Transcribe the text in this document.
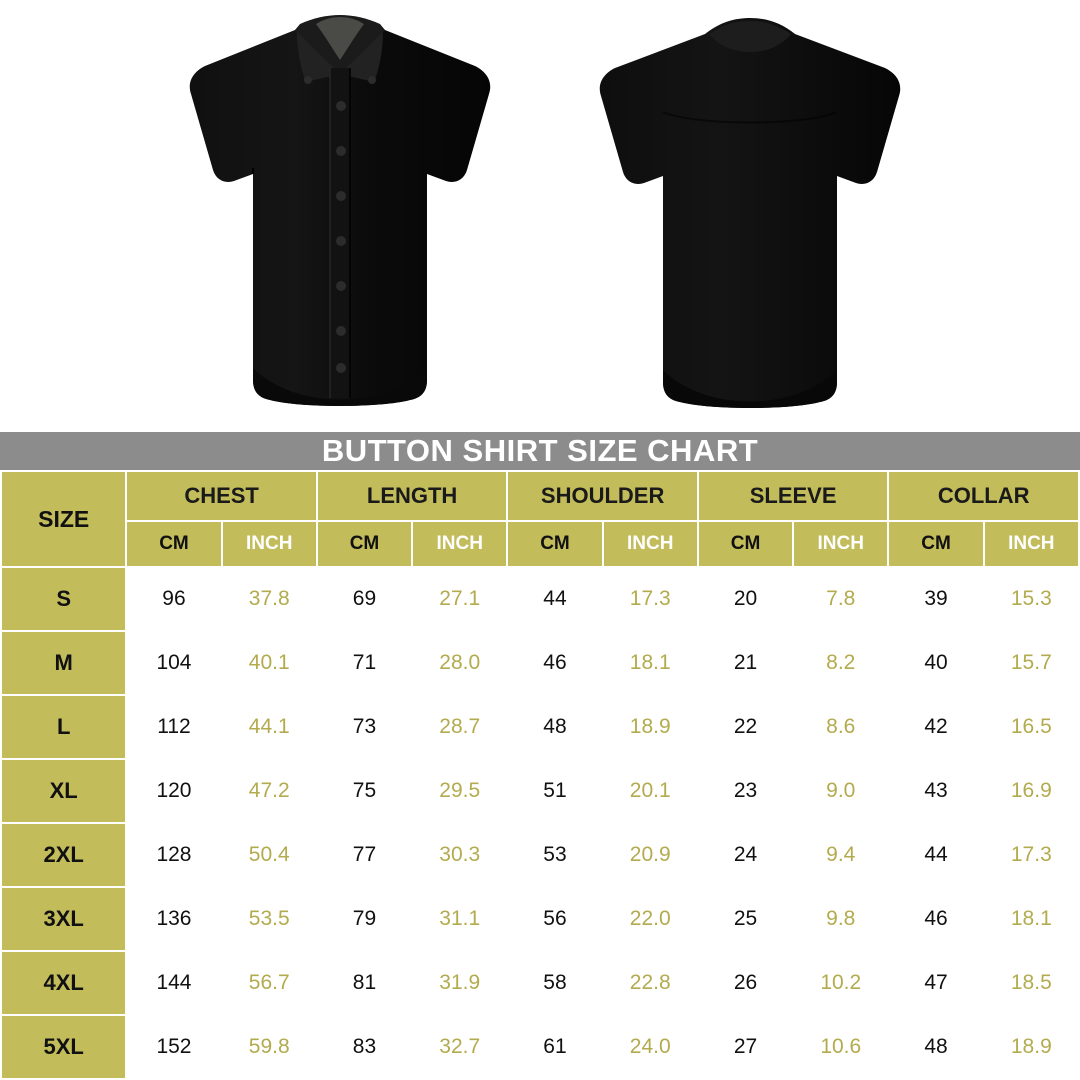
BUTTON SHIRT SIZE CHART
SIZE	CHEST		LENGTH		SHOULDER		SLEEVE		COLLAR	
	CM	INCH	CM	INCH	CM	INCH	CM	INCH	CM	INCH
S	96	37.8	69	27.1	44	17.3	20	7.8	39	15.3
M	104	40.1	71	28.0	46	18.1	21	8.2	40	15.7
L	112	44.1	73	28.7	48	18.9	22	8.6	42	16.5
XL	120	47.2	75	29.5	51	20.1	23	9.0	43	16.9
2XL	128	50.4	77	30.3	53	20.9	24	9.4	44	17.3
3XL	136	53.5	79	31.1	56	22.0	25	9.8	46	18.1
4XL	144	56.7	81	31.9	58	22.8	26	10.2	47	18.5
5XL	152	59.8	83	32.7	61	24.0	27	10.6	48	18.9
